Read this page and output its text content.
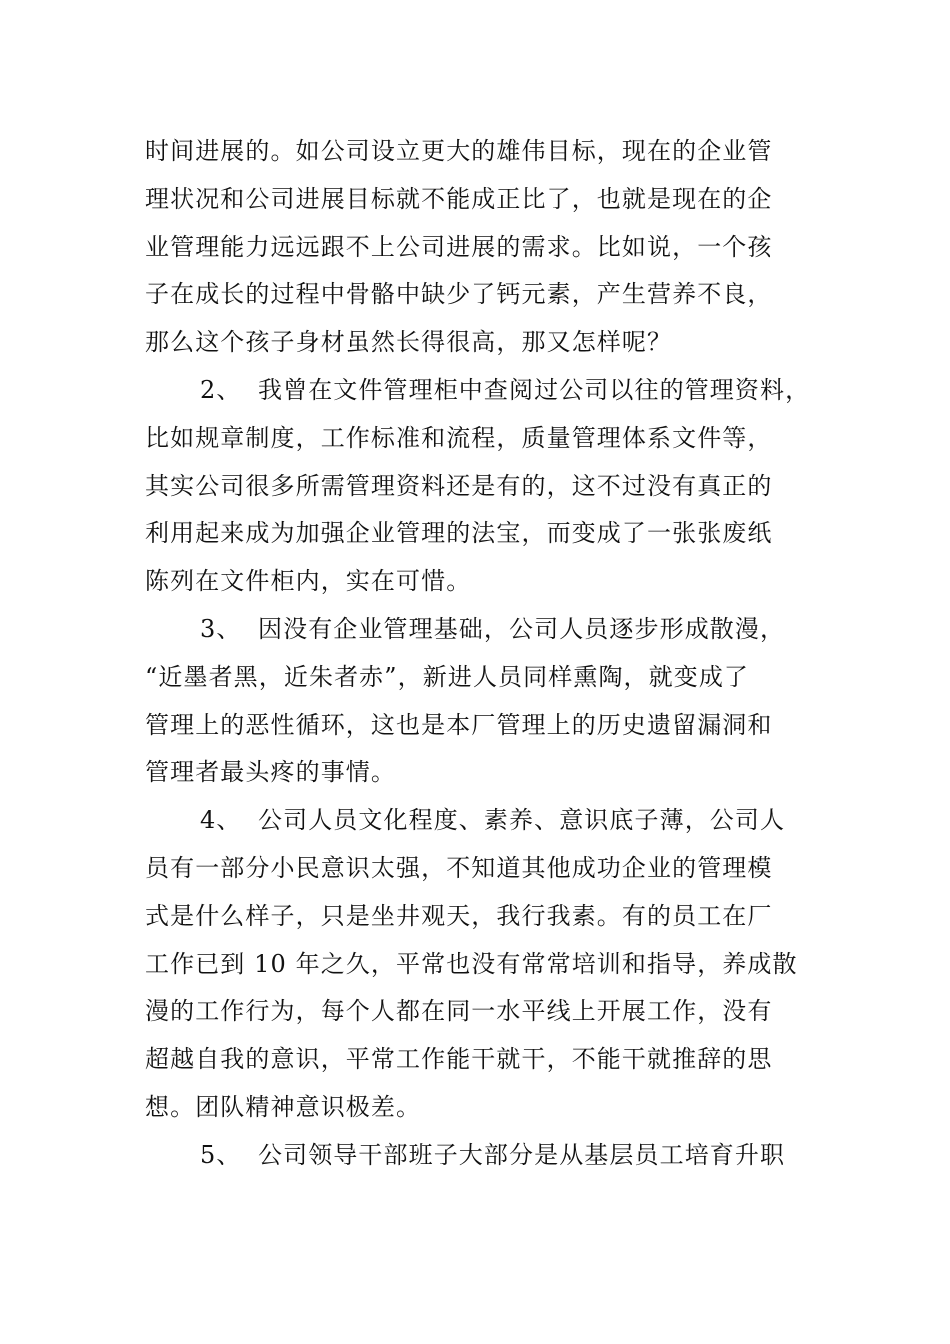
时间进展的。如公司设立更大的雄伟目标，现在的企业管
理状况和公司进展目标就不能成正比了，也就是现在的企
业管理能力远远跟不上公司进展的需求。比如说，一个孩
子在成长的过程中骨骼中缺少了钙元素，产生营养不良，
那么这个孩子身材虽然长得很高，那又怎样呢？
2、 我曾在文件管理柜中查阅过公司以往的管理资料，
比如规章制度，工作标准和流程，质量管理体系文件等，
其实公司很多所需管理资料还是有的，这不过没有真正的
利用起来成为加强企业管理的法宝，而变成了一张张废纸
陈列在文件柜内，实在可惜。
3、 因没有企业管理基础，公司人员逐步形成散漫，
“近墨者黑，近朱者赤”，新进人员同样熏陶，就变成了
管理上的恶性循环，这也是本厂管理上的历史遗留漏洞和
管理者最头疼的事情。
4、 公司人员文化程度、素养、意识底子薄，公司人
员有一部分小民意识太强，不知道其他成功企业的管理模
式是什么样子，只是坐井观天，我行我素。有的员工在厂
工作已到 10 年之久，平常也没有常常培训和指导，养成散
漫的工作行为，每个人都在同一水平线上开展工作，没有
超越自我的意识，平常工作能干就干，不能干就推辞的思
想。团队精神意识极差。
5、 公司领导干部班子大部分是从基层员工培育升职
